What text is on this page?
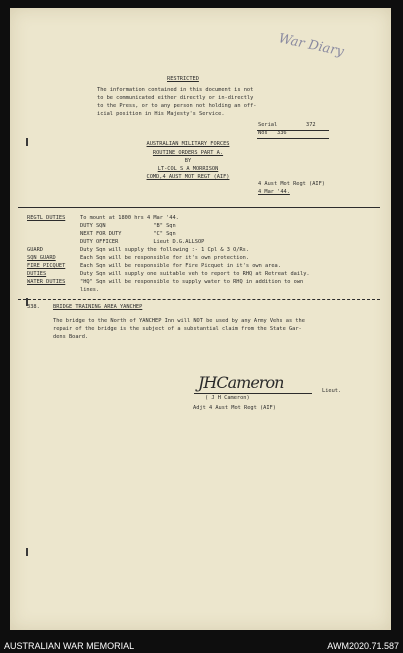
War Diary
RESTRICTED
The information contained in this document is not
to be communicated either directly or in-directly
to the Press, or to any person not holding an off-
icial position in His Majesty's Service.
Serial	372
Nos 336
AUSTRALIAN MILITARY FORCES
ROUTINE ORDERS PART A.
BY
LT-COL S A MORRISON
COMD,4 AUST MOT REGT (AIF)
4 Aust Mot Regt (AIF)
4 Mar '44.
REGTL DUTIES	To mount at 1800 hrs 4 Mar '44.
DUTY SQN               "B" Sqn
NEXT FOR DUTY          "C" Sqn
DUTY OFFICER           Lieut D.G.ALLSOP
GUARD	Duty Sqn will supply the following :- 1 Cpl & 3 O/Rs.
SQN GUARD	Each Sqn will be responsible for it's own protection.
FIRE PICQUET	Each Sqn will be responsible for Fire Picquet in it's own area.
DUTIES	Duty Sqn will supply one suitable veh to report to RHQ at Retreat daily.
WATER DUTIES	"HQ" Sqn will be responsible to supply water to RHQ in addition to own
lines.
338. BRIDGE TRAINING AREA YANCHEP
The bridge to the North of YANCHEP Inn will NOT be used by any Army Vehs as the
repair of the bridge is the subject of a substantial claim from the State Gar-
dens Board.
JHCameron	Lieut.
( J H Cameron)
Adjt 4 Aust Mot Regt (AIF)
AUSTRALIAN WAR MEMORIAL	AWM2020.71.587
